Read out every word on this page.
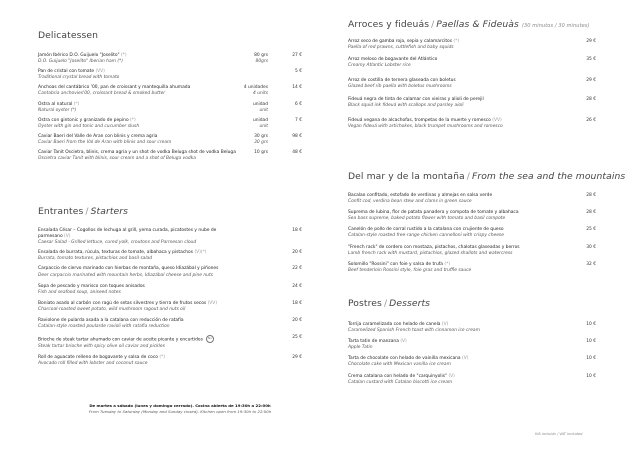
Delicatessen
Jamón Ibérico D.O. Guijuelo "Joselito" (*)
D.O. Guijuelo "Joselito" Iberian ham (*)
80 grs
80grs
27 €
Pan de cristal con tomate (VV)
Traditional crystal bread with tomato
5 €
Anchoas del cantábrico '00, pan de croissant y mantequilla ahumada
Cantabria anchovies'00, croissant bread & smoked butter
4 unidades
4 units
14 €
Ostra al natural (*)
Natural oyster (*)
unidad
unit
6 €
Ostra con gintonic y granizado de pepino (*)
Oyster with gin and tonic and cucumber slush
unidad
unit
7 €
Caviar Baeri del Valle de Aran con blinis y crema agria
Caviar Baeri from the Val de Aran with blinis and sour cream
30 grs
30 grs
98 €
Caviar Tanit Oscietra, blinis, crema agria y un shot de vodka Beluga shot de vodka Beluga
Oscietra caviar Tanit with blinis, sour cream and a shot of Beluga vodka
10 grs	48 €
Entrantes / Starters
Ensalada César – Cogollos de lechuga al grill, yema curada, picatostes y nube de parmesano (V)
Caesar Salad - Grilled lettuce, cured yolk, croutons and Parmesan cloud
18 €
Ensalada de burrata, rúcula, texturas de tomate, albahaca y pistachos (V)(*)
Burrata, tomato textures, pistachios and basil salad
20 €
Carpaccio de ciervo marinado con hierbas de montaña, queso Idiazábal y piñones
Deer carpaccio marinated with mountain herbs, Idiazábal cheese and pine nuts
22 €
Sopa de pescado y marisco con toques anisados
Fish and seafood soup, aniseed notes
24 €
Boniato asado al carbón con ragú de setas silvestres y tierra de frutos secos (VV)
Charcoal-roasted sweet potato, wild mushroom ragout and nuts oil
18 €
Raviolone de pularda asada a la catalana con reducción de ratafía
Catalan-style roasted poularde ravioli with ratafia reduction
20 €
Brioche de steak tartar ahumado con caviar de aceite picante y encurtidos Sin
Steak tartar brioche with spicy olive oil caviar and pickles
25 €
Roll de aguacate relleno de bogavante y salsa de coco (*)
Avocado roll filled with lobster and coconut sauce
29 €
De martes a sábado (lunes y domingo cerrado). Cocina abierta de 19:30h a 22:00h
From Tuesday to Saturday (Monday and Sunday closed). Kitchen open from 19:30h to 22:00h
Arroces y fideuás / Paellas & Fideuàs (30 minutos / 30 minutes)
Arroz seco de gamba roja, sepia y calamarcitos (*)
Paella of red prawns, cuttlefish and baby squids
29 €
Arroz meloso de bogavante del Atlántico
Creamy Atlantic Lobster rice
35 €
Arroz de costilla de ternera glaseada con boletus
Glazed beef rib paella with boletus mushrooms
29 €
Fideuá negra de tinta de calamar con vieiras y alioli de perejil
Black squid ink fideuá with scallops and parsley aioli
28 €
Fideuá vegana de alcachofas, trompetas de la muerte y romesco (VV)
Vegan fideuá with artichokes, black trumpet mushrooms and romesco
26 €
Del mar y de la montaña / From the sea and the mountains
Bacalao confitado, estofado de verdinas y almejas en salsa verde
Confit cod, verdina bean stew and clams in green sauce
28 €
Suprema de lubina, flor de patata panadera y compota de tomate y albahaca
Sea bass supreme, baked potato flower with tomato and basil compote
28 €
Canelón de pollo de corral rustido a la catalana con crujiente de queso
Catalan-style roasted free-range chicken cannelloni with crispy cheese
25 €
"French rack" de cordero con mostaza, pistachos, chalotas glaseadas y berros
Lamb french rack with mustard, pistachios, glazed shallots and watercress
30 €
Solomillo "Rossini" con foie y salsa de trufa (*)
Beef tenderloin Rossini style, foie gras and truffle sauce
32 €
Postres / Desserts
Torrija caramelizada con helado de canela (V)
Caramelized Spanish French toast with cinnamon ice cream
10 €
Tarta tatin de manzana (V)
Apple Tatin
10 €
Tarta de chocolate con helado de vainilla mexicana (V)
Chocolate cake with Mexican vanilla ice cream
10 €
Crema catalana con helado de "carquinyolis" (V)
Catalan custard with Catalan biscotti ice cream
10 €
IVA incluido / VAT included
